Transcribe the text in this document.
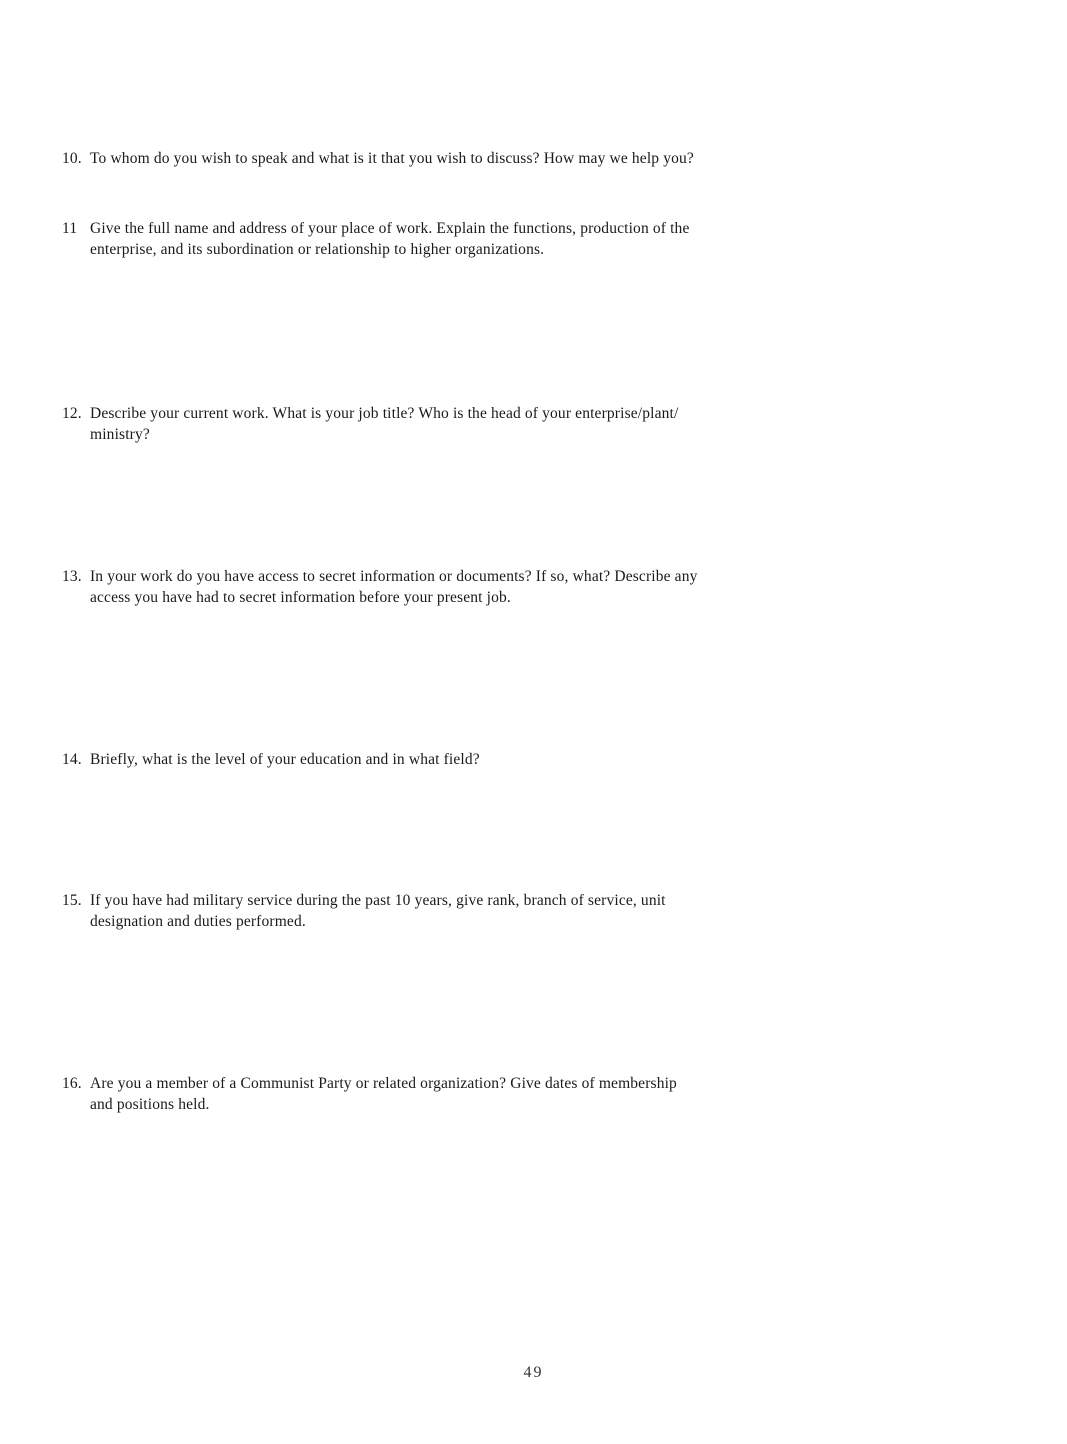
10. To whom do you wish to speak and what is it that you wish to discuss? How may we help you?
11 Give the full name and address of your place of work. Explain the functions, production of the
enterprise, and its subordination or relationship to higher organizations.
12. Describe your current work. What is your job title? Who is the head of your enterprise/plant/
ministry?
13. In your work do you have access to secret information or documents? If so, what? Describe any
access you have had to secret information before your present job.
14. Briefly, what is the level of your education and in what field?
15. If you have had military service during the past 10 years, give rank, branch of service, unit
designation and duties performed.
16. Are you a member of a Communist Party or related organization? Give dates of membership
and positions held.
49
